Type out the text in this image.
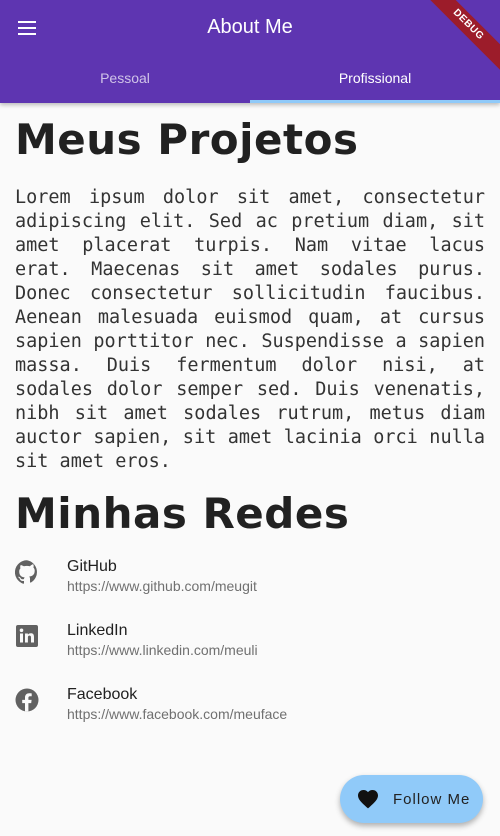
About Me	DEBUG
Pessoal	Profissional
Meus Projetos

Lorem ipsum dolor sit amet, consectetur adipiscing elit. Sed ac pretium diam, sit amet placerat turpis. Nam vitae lacus erat. Maecenas sit amet sodales purus. Donec consectetur sollicitudin faucibus. Aenean malesuada euismod quam, at cursus sapien porttitor nec. Suspendisse a sapien massa. Duis fermentum dolor nisi, at sodales dolor semper sed. Duis venenatis, nibh sit amet sodales rutrum, metus diam auctor sapien, sit amet lacinia orci nulla sit amet eros.

Minhas Redes
GitHub
https://www.github.com/meugit
LinkedIn
https://www.linkedin.com/meuli
Facebook
https://www.facebook.com/meuface
Follow Me
